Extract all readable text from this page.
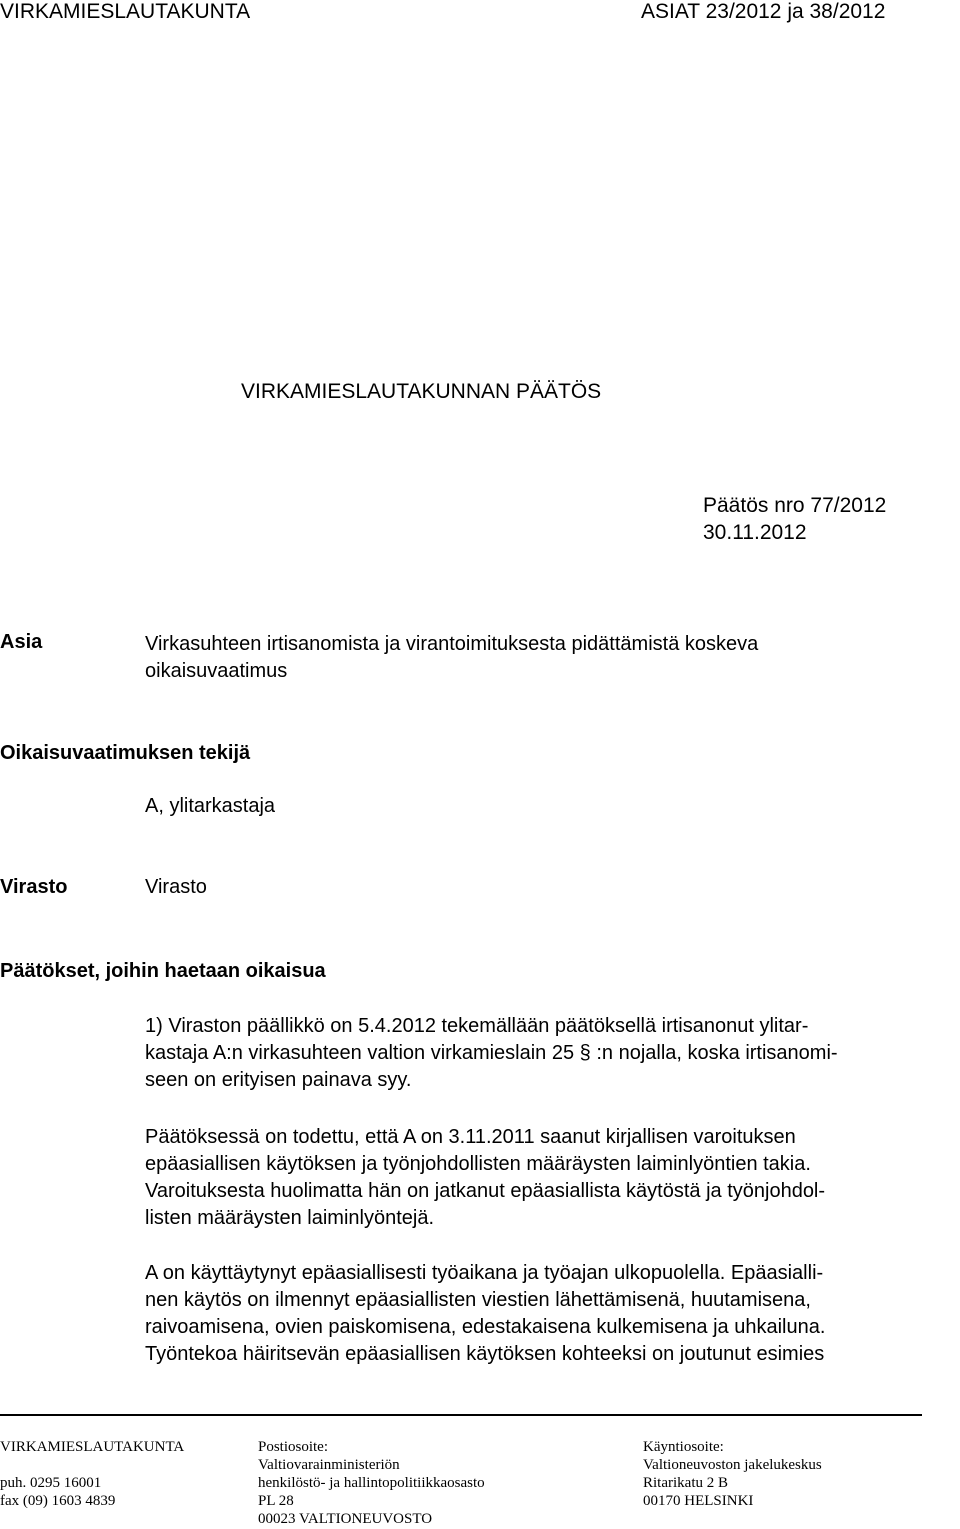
VIRKAMIESLAUTAKUNTA	ASIAT 23/2012 ja 38/2012
VIRKAMIESLAUTAKUNNAN PÄÄTÖS
Päätös nro 77/2012
30.11.2012
Asia	Virkasuhteen irtisanomista ja virantoimituksesta pidättämistä koskeva
oikaisuvaatimus
Oikaisuvaatimuksen tekijä
A, ylitarkastaja
Virasto	Virasto
Päätökset, joihin haetaan oikaisua
1) Viraston päällikkö on 5.4.2012 tekemällään päätöksellä irtisanonut ylitar-
kastaja A:n virkasuhteen valtion virkamieslain 25 § :n nojalla, koska irtisanomi-
seen on erityisen painava syy.
Päätöksessä on todettu, että A on 3.11.2011 saanut kirjallisen varoituksen
epäasiallisen käytöksen ja työnjohdollisten määräysten laiminlyöntien takia.
Varoituksesta huolimatta hän on jatkanut epäasiallista käytöstä ja työnjohdol-
listen määräysten laiminlyöntejä.
A on käyttäytynyt epäasiallisesti työaikana ja työajan ulkopuolella. Epäasialli-
nen käytös on ilmennyt epäasiallisten viestien lähettämisenä, huutamisena,
raivoamisena, ovien paiskomisena, edestakaisena kulkemisena ja uhkailuna.
Työntekoa häiritsevän epäasiallisen käytöksen kohteeksi on joutunut esimies
VIRKAMIESLAUTAKUNTA

puh. 0295 16001
fax (09) 1603 4839
Postiosoite:
Valtiovarainministeriön
henkilöstö- ja hallintopolitiikkaosasto
PL 28
00023 VALTIONEUVOSTO
Käyntiosoite:
Valtioneuvoston jakelukeskus
Ritarikatu 2 B
00170 HELSINKI
